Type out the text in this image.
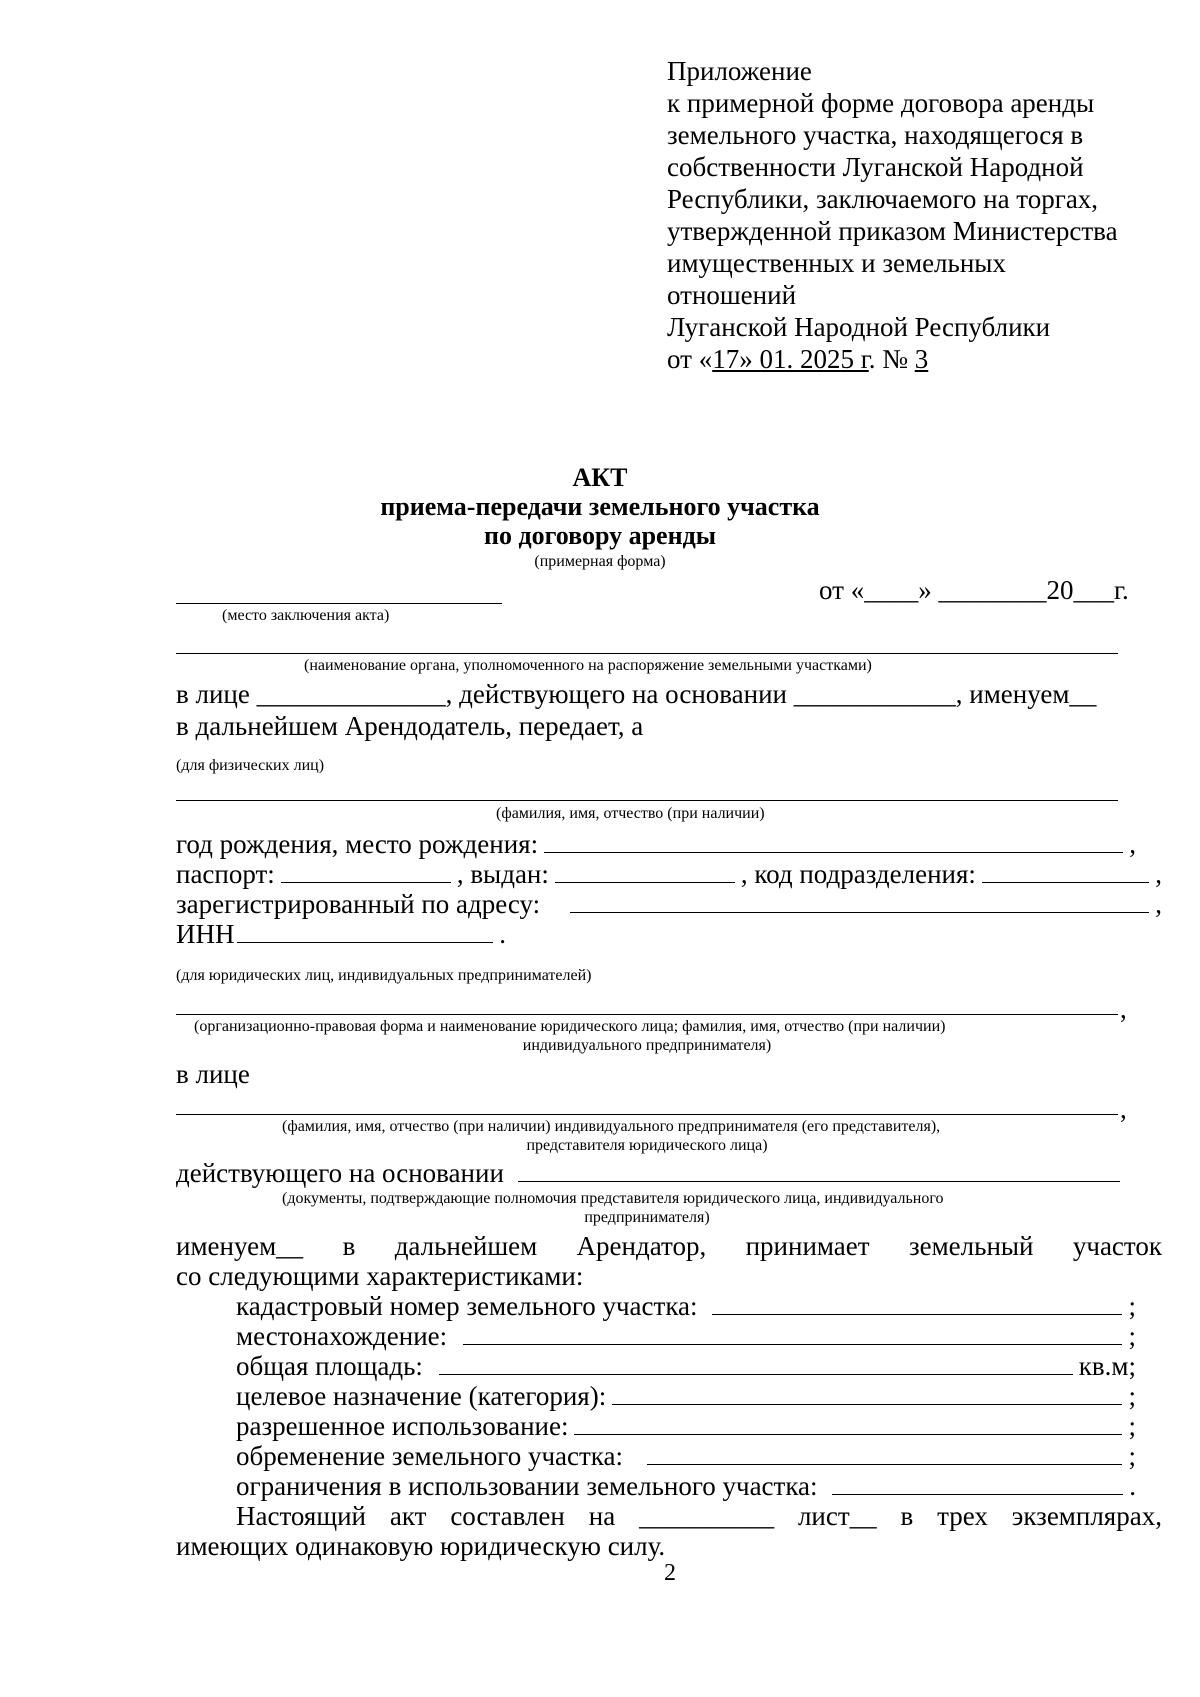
Приложение
к примерной форме договора аренды
земельного участка, находящегося в
собственности Луганской Народной
Республики, заключаемого на торгах,
утвержденной приказом Министерства
имущественных и земельных
отношений
Луганской Народной Республики
от «17» 01. 2025 г. № 3
АКТ
приема-передачи земельного участка
по договору аренды
(примерная форма)
от «____» ________20___г.
(место заключения акта)
(наименование органа, уполномоченного на распоряжение земельными участками)
в лице ______________, действующего на основании ____________, именуем__
в дальнейшем Арендодатель, передает, а
(для физических лиц)
(фамилия, имя, отчество (при наличии)
год рождения, место рождения:	,
паспорт:	, выдан:	, код подразделения:	,
зарегистрированный по адресу:	,
ИНН	.
(для юридических лиц, индивидуальных предпринимателей)
,
(организационно-правовая форма и наименование юридического лица; фамилия, имя, отчество (при наличии)
индивидуального предпринимателя)
в лице
,
(фамилия, имя, отчество (при наличии) индивидуального предпринимателя (его представителя),
представителя юридического лица)
действующего на основании
(документы, подтверждающие полномочия представителя юридического лица, индивидуального
предпринимателя)
именуем__ в дальнейшем Арендатор, принимает земельный участок
со следующими характеристиками:
кадастровый номер земельного участка:	;
местонахождение:	;
общая площадь:	кв.м;
целевое назначение (категория):	;
разрешенное использование:	;
обременение земельного участка:	;
ограничения в использовании земельного участка:	.
Настоящий акт составлен на __________ лист__ в трех экземплярах,
имеющих одинаковую юридическую силу.
2
